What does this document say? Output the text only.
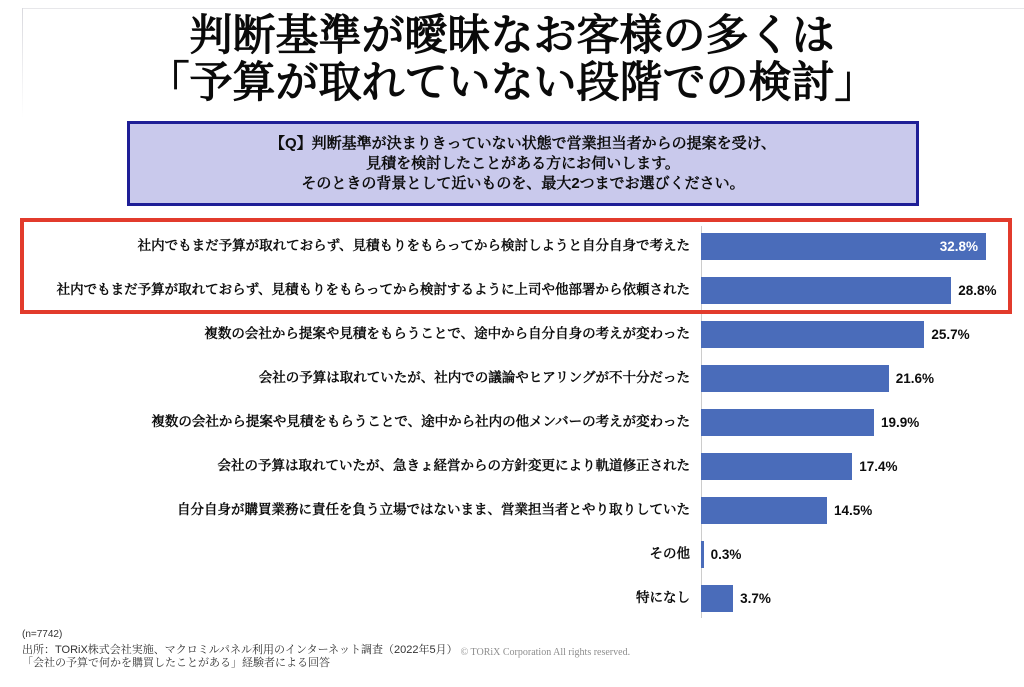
判断基準が曖昧なお客様の多くは
「予算が取れていない段階での検討」
【Q】判断基準が決まりきっていない状態で営業担当者からの提案を受け、
見積を検討したことがある方にお伺いします。
そのときの背景として近いものを、最大2つまでお選びください。
社内でもまだ予算が取れておらず、見積もりをもらってから検討しようと自分自身で考えた	32.8%
社内でもまだ予算が取れておらず、見積もりをもらってから検討するように上司や他部署から依頼された	28.8%
複数の会社から提案や見積をもらうことで、途中から自分自身の考えが変わった	25.7%
会社の予算は取れていたが、社内での議論やヒアリングが不十分だった	21.6%
複数の会社から提案や見積をもらうことで、途中から社内の他メンバーの考えが変わった	19.9%
会社の予算は取れていたが、急きょ経営からの方針変更により軌道修正された	17.4%
自分自身が購買業務に責任を負う立場ではないまま、営業担当者とやり取りしていた	14.5%
その他	0.3%
特になし	3.7%
(n=7742)
出所：TORiX株式会社実施、マクロミルパネル利用のインターネット調査（2022年5月）
「会社の予算で何かを購買したことがある」経験者による回答
© TORiX Corporation All rights reserved.
